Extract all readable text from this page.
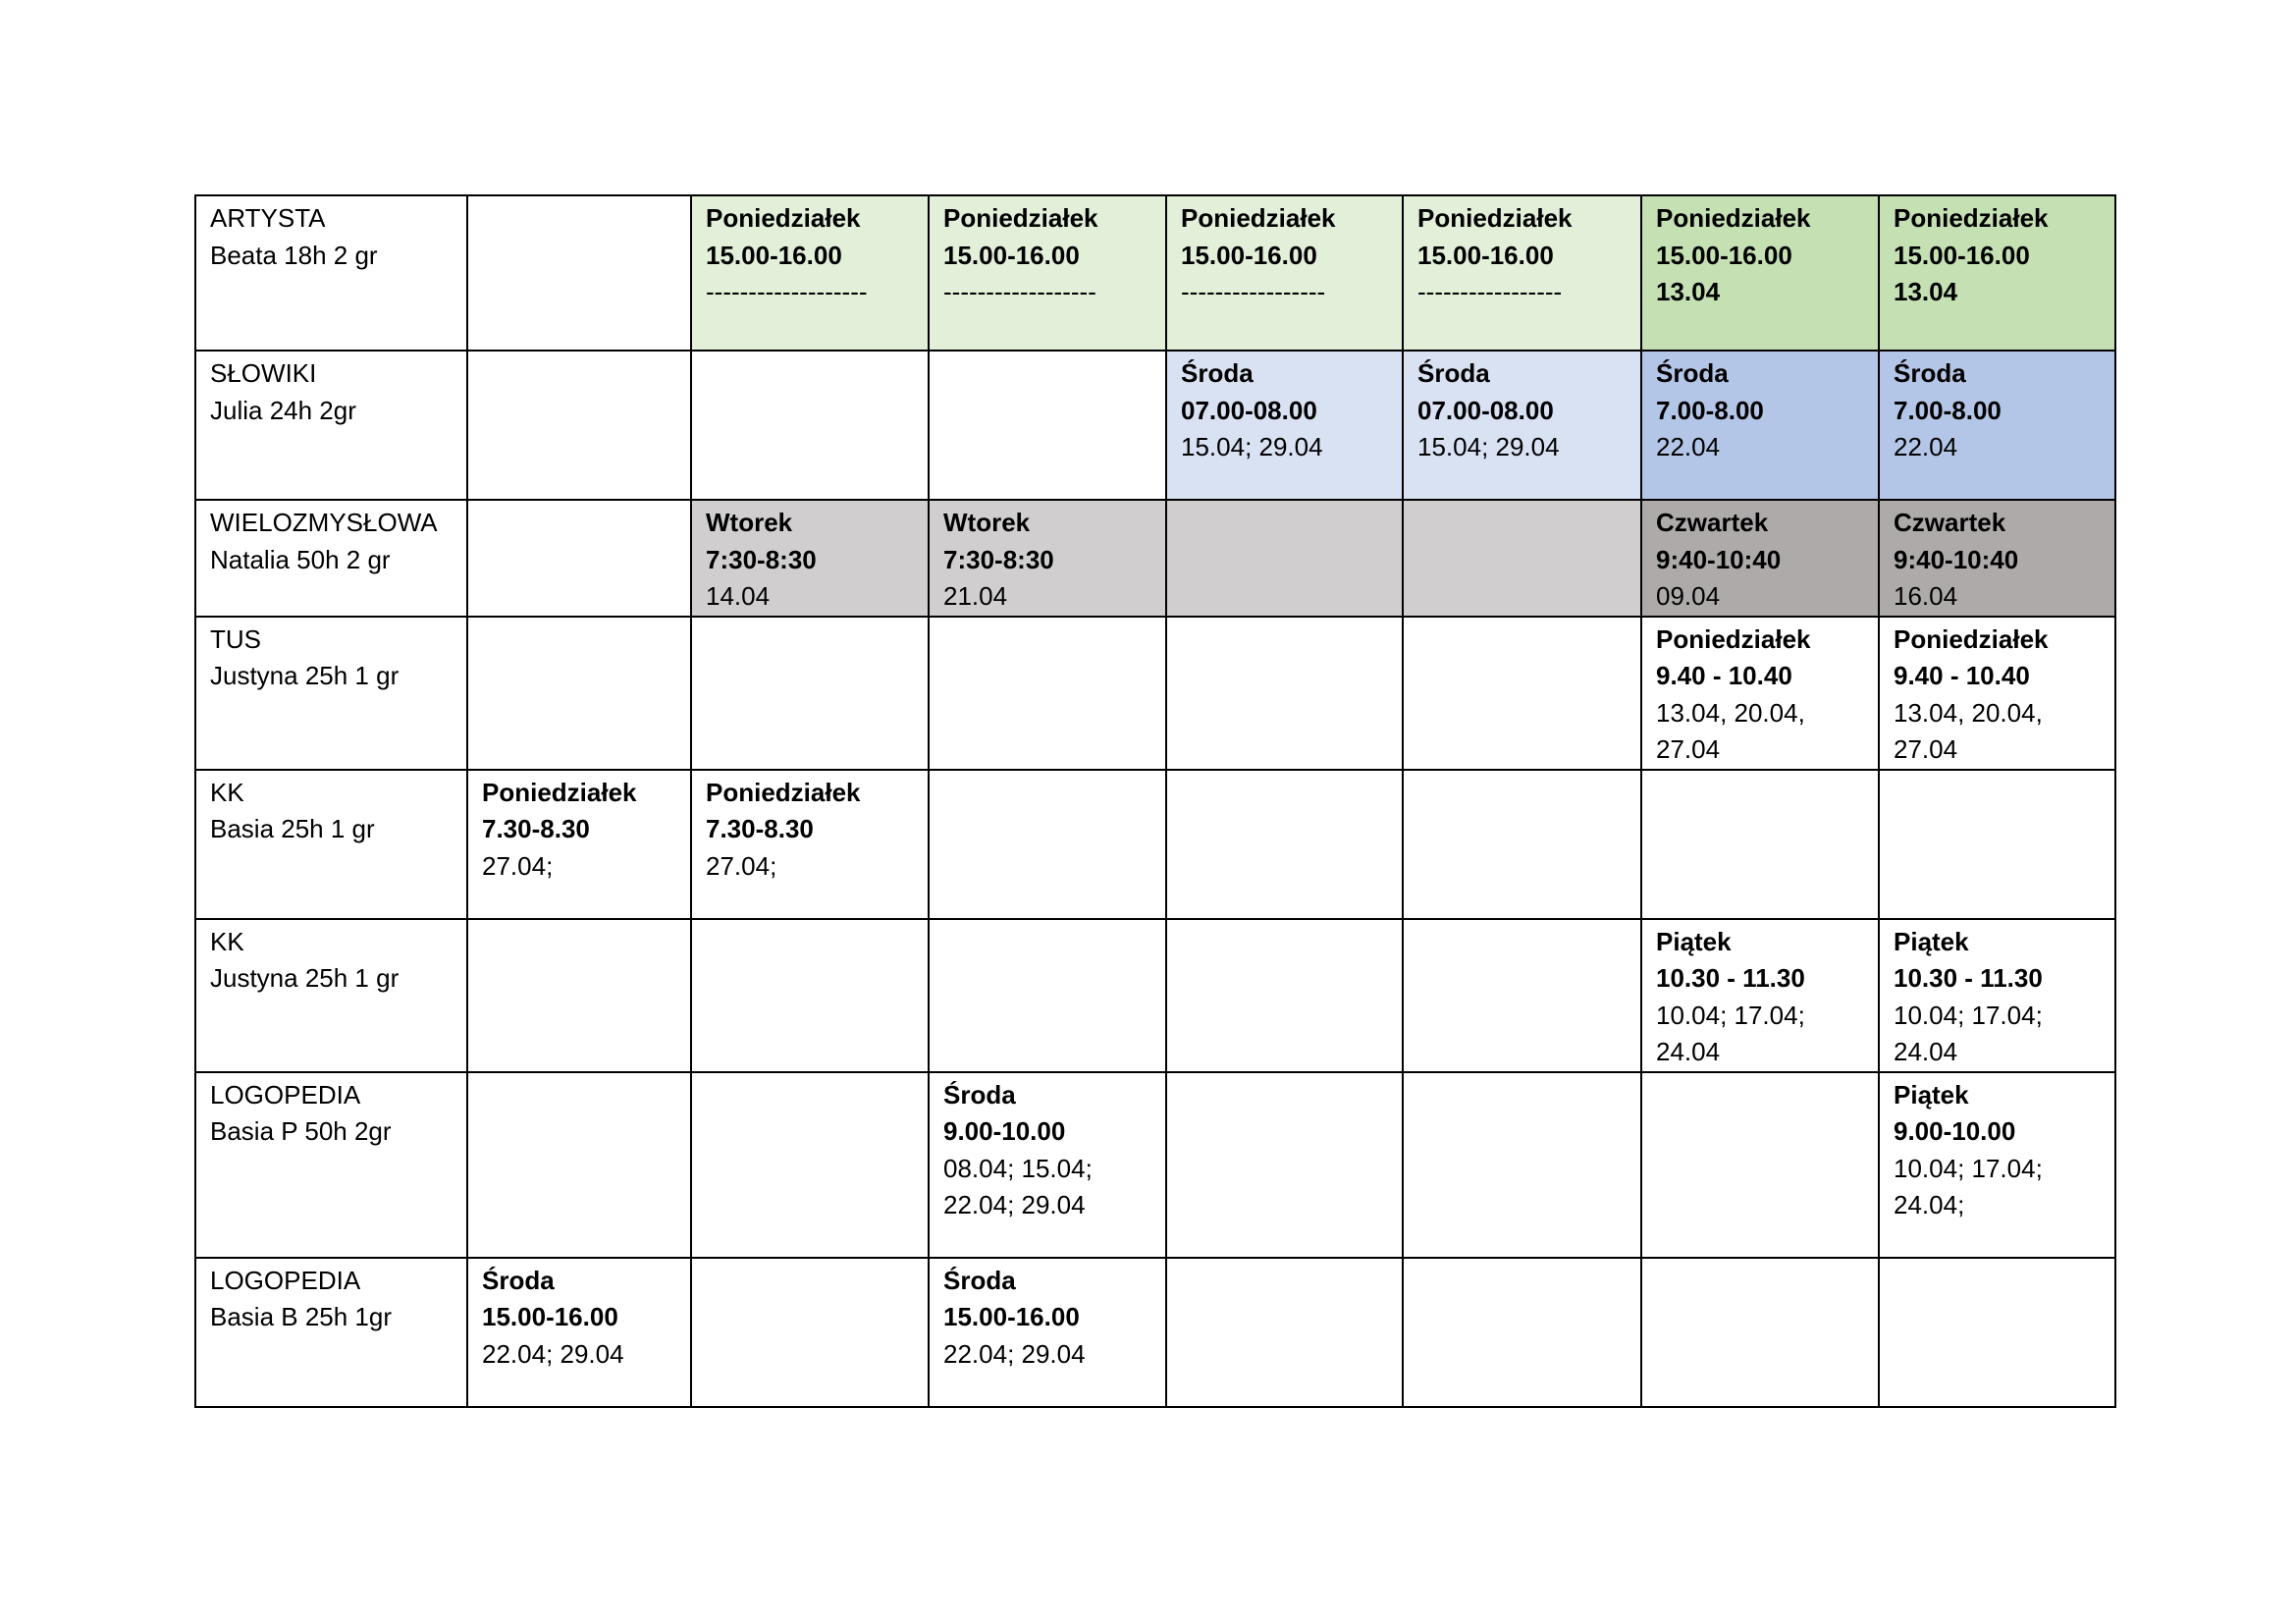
ARTYSTA
Beata 18h 2 gr		Poniedziałek
15.00-16.00
-------------------	Poniedziałek
15.00-16.00
------------------	Poniedziałek
15.00-16.00
-----------------	Poniedziałek
15.00-16.00
-----------------	Poniedziałek
15.00-16.00
13.04	Poniedziałek
15.00-16.00
13.04

SŁOWIKI
Julia 24h 2gr				Środa
07.00-08.00
15.04; 29.04	Środa
07.00-08.00
15.04; 29.04	Środa
7.00-8.00
22.04	Środa
7.00-8.00
22.04

WIELOZMYSŁOWA
Natalia 50h 2 gr		Wtorek
7:30-8:30
14.04	Wtorek
7:30-8:30
21.04			Czwartek
9:40-10:40
09.04	Czwartek
9:40-10:40
16.04

TUS
Justyna 25h 1 gr						Poniedziałek
9.40 - 10.40
13.04, 20.04,
27.04	Poniedziałek
9.40 - 10.40
13.04, 20.04,
27.04

KK
Basia 25h 1 gr	Poniedziałek
7.30-8.30
27.04;	Poniedziałek
7.30-8.30
27.04;					

KK
Justyna 25h 1 gr						Piątek
10.30 - 11.30
10.04; 17.04;
24.04	Piątek
10.30 - 11.30
10.04; 17.04;
24.04

LOGOPEDIA
Basia P 50h 2gr			Środa
9.00-10.00
08.04; 15.04;
22.04; 29.04				Piątek
9.00-10.00
10.04; 17.04;
24.04;

LOGOPEDIA
Basia B 25h 1gr	Środa
15.00-16.00
22.04; 29.04		Środa
15.00-16.00
22.04; 29.04				
